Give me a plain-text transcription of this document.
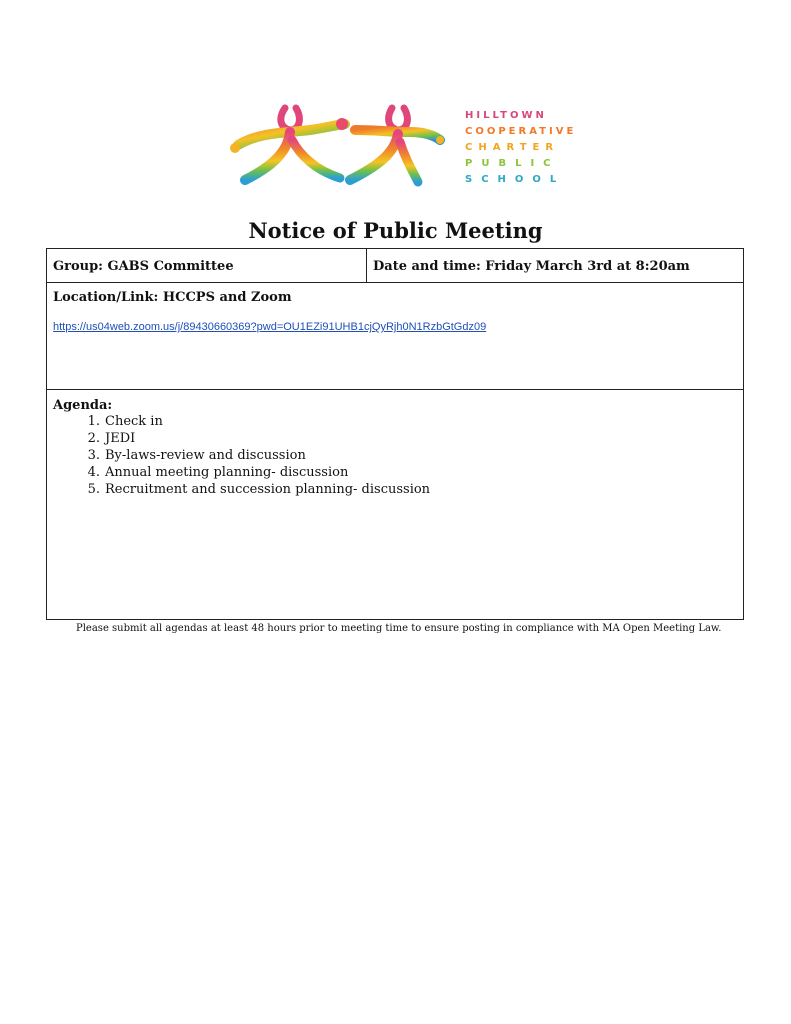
HILLTOWN
COOPERATIVE
CHARTER
PUBLIC
SCHOOL
Notice of Public Meeting
Group: GABS Committee	Date and time: Friday March 3rd at 8:20am
Location/Link: HCCPS and Zoom
https://us04web.zoom.us/j/89430660369?pwd=OU1EZi91UHB1cjQyRjh0N1RzbGtGdz09
Agenda:
1. Check in
2. JEDI
3. By-laws-review and discussion
4. Annual meeting planning- discussion
5. Recruitment and succession planning- discussion
Please submit all agendas at least 48 hours prior to meeting time to ensure posting in compliance with MA Open Meeting Law.
